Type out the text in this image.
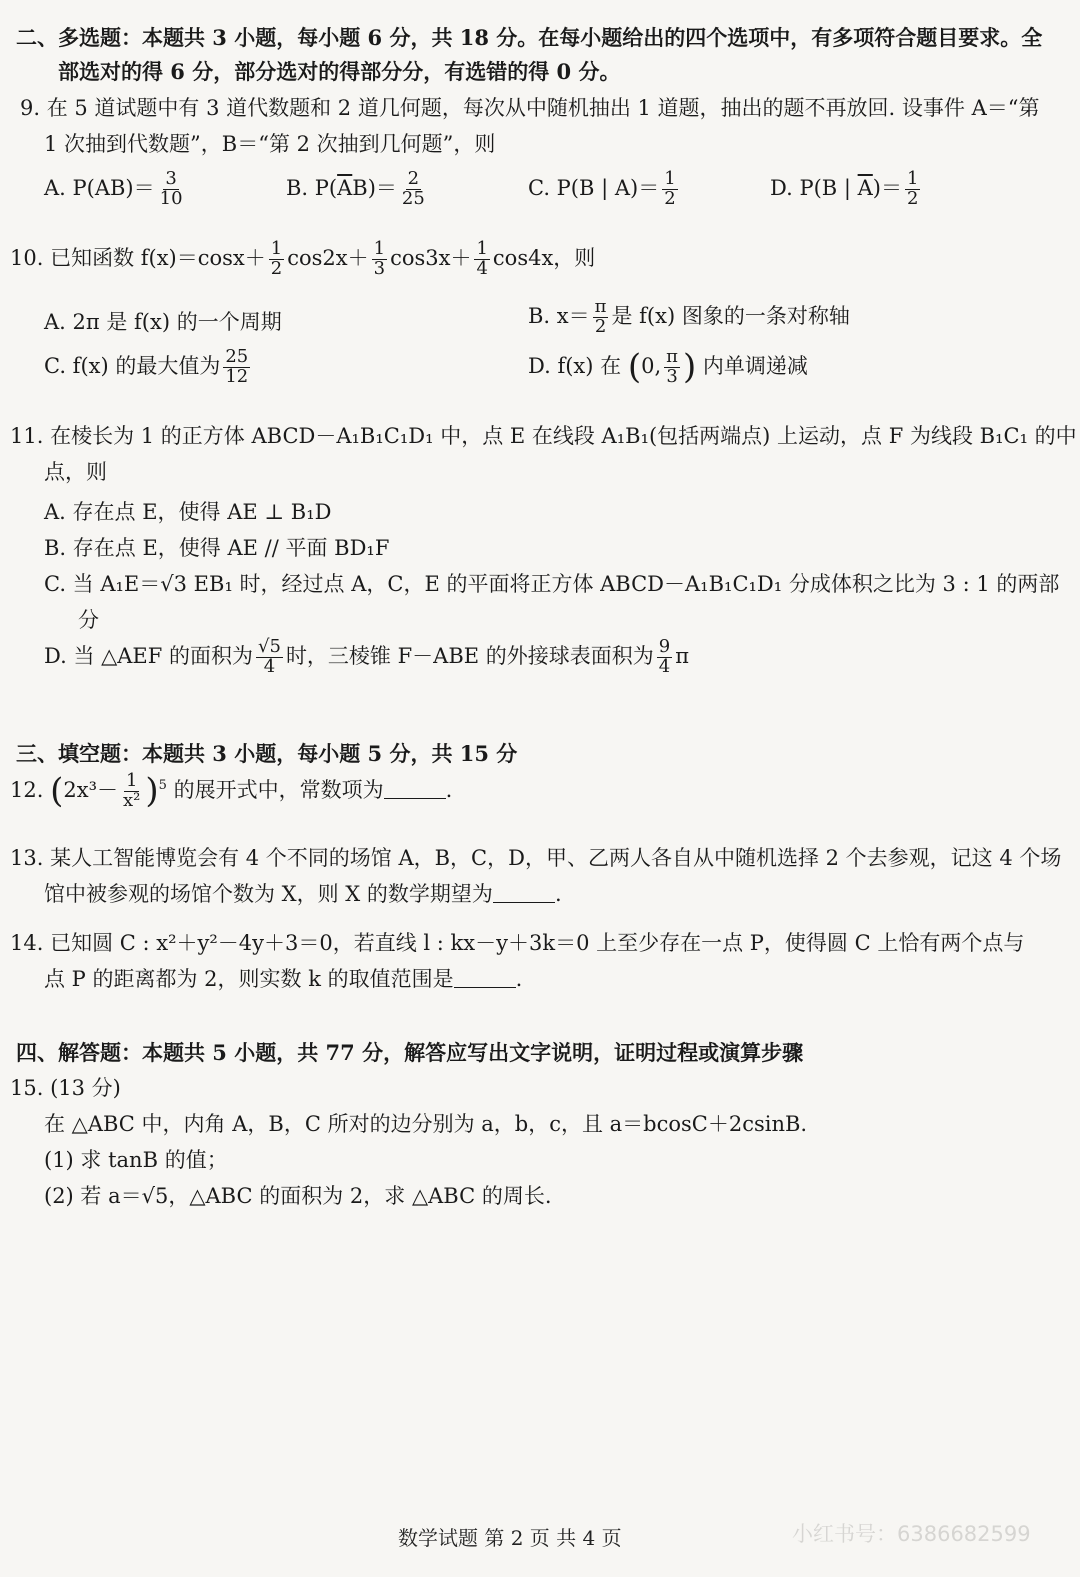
二、多选题：本题共 3 小题，每小题 6 分，共 18 分。在每小题给出的四个选项中，有多项符合题目要求。全
部选对的得 6 分，部分选对的得部分分，有选错的得 0 分。
9. 在 5 道试题中有 3 道代数题和 2 道几何题，每次从中随机抽出 1 道题，抽出的题不再放回. 设事件 A＝“第
1 次抽到代数题”，B＝“第 2 次抽到几何题”，则
A. $P(AB)= \frac{3}{10}$	B. $P(\overline{A}B)= \frac{2}{25}$	C. P(B | $A)= \frac{1}{2}$	D. P(B | $\overline{A})= \frac{1}{2}$
10. 已知函数 $f(x)=\cos x+ \frac{1}{2} \cos 2x+ \frac{1}{3} \cos 3x+ \frac{1}{4} \cos 4x$，则
A. 2π 是 f(x) 的一个周期	B. $x= \frac{\pi}{2}$ 是 f(x) 图象的一条对称轴
C. f(x) 的最大值为 $\frac{25}{12}$	D. f(x) 在 (0, $\frac{\pi}{3}$ ) 内单调递减
11. 在棱长为 1 的正方体 ABCD－A₁B₁C₁D₁ 中，点 E 在线段 A₁B₁(包括两端点) 上运动，点 F 为线段 B₁C₁ 的中
点，则
A. 存在点 E，使得 AE ⊥ B₁D
B. 存在点 E，使得 AE // 平面 BD₁F
C. 当 A₁E＝√3 EB₁ 时，经过点 A，C，E 的平面将正方体 ABCD－A₁B₁C₁D₁ 分成体积之比为 3 : 1 的两部
分
D. 当 △AEF 的面积为 $\frac{√5}{4}$ 时，三棱锥 F－ABE 的外接球表面积为 $\frac{9}{4}$ π
三、填空题：本题共 3 小题，每小题 5 分，共 15 分
12. $(2x^3- \frac{1}{\text{x²}} )^5$ 的展开式中，常数项为	.
13. 某人工智能博览会有 4 个不同的场馆 A，B，C，D，甲、乙两人各自从中随机选择 2 个去参观，记这 4 个场
馆中被参观的场馆个数为 X，则 X 的数学期望为	.
14. 已知圆 C : x²＋y²－4y＋3＝0，若直线 l : kx－y＋3k＝0 上至少存在一点 P，使得圆 C 上恰有两个点与
点 P 的距离都为 2，则实数 k 的取值范围是	.
四、解答题：本题共 5 小题，共 77 分，解答应写出文字说明，证明过程或演算步骤
15. (13 分)
在 △ABC 中，内角 A，B，C 所对的边分别为 a，b，c，且 a＝bcosC＋2csinB.
(1) 求 tanB 的值；
(2) 若 a＝√5，△ABC 的面积为 2，求 △ABC 的周长.
数学试题 第 2 页 共 4 页	小红书号：6386682599
